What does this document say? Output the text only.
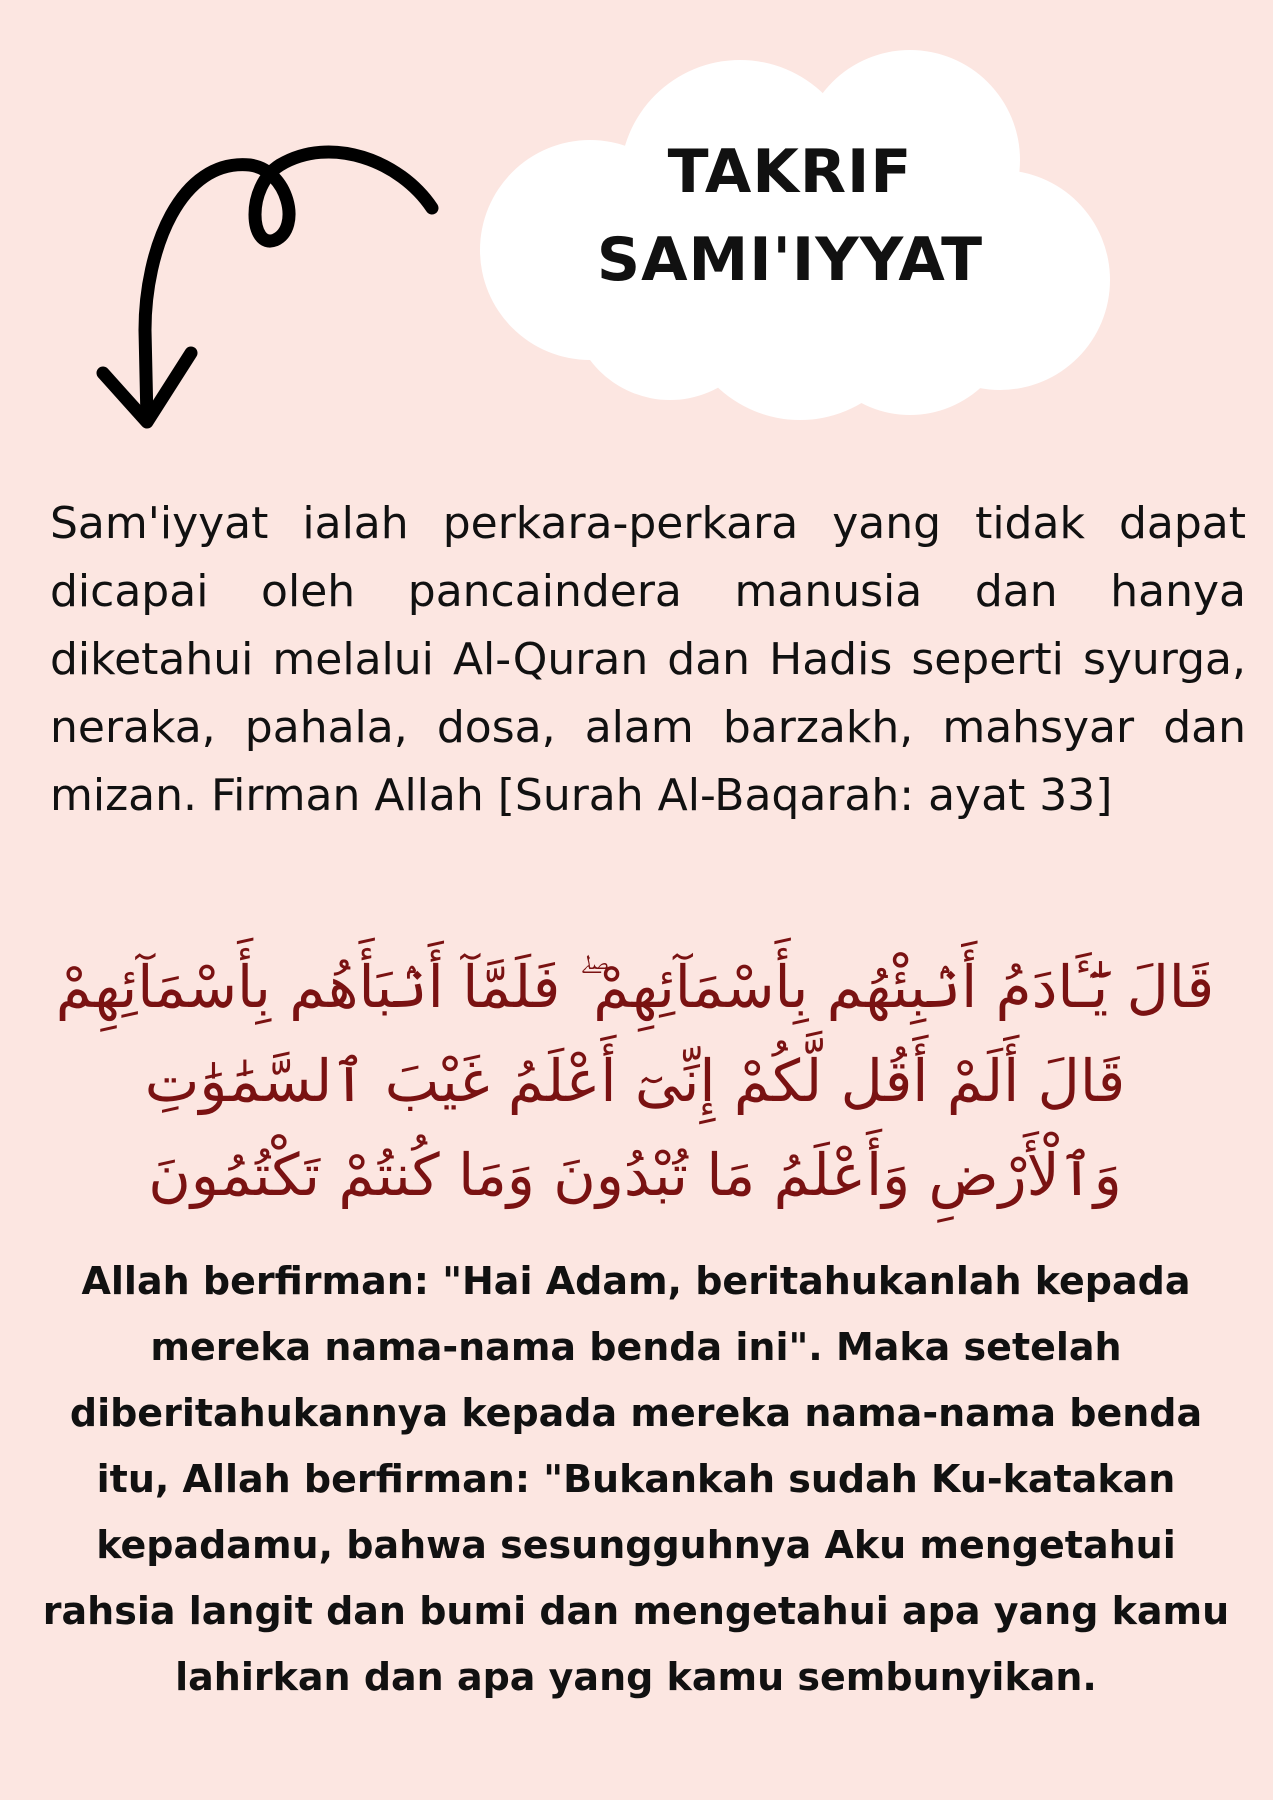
TAKRIF
SAMI'IYYAT
Sam'iyyat ialah perkara-perkara yang tidak dapat dicapai oleh pancaindera manusia dan hanya diketahui melalui Al-Quran dan Hadis seperti syurga, neraka, pahala, dosa, alam barzakh, mahsyar dan mizan. Firman Allah [Surah Al-Baqarah: ayat 33]
قَالَ يَٰٓـَٔادَمُ أَنۢبِئْهُم بِأَسْمَآئِهِمْ ۖ فَلَمَّآ أَنۢبَأَهُم بِأَسْمَآئِهِمْ قَالَ أَلَمْ أَقُل لَّكُمْ إِنِّىٓ أَعْلَمُ غَيْبَ ٱلسَّمَٰوَٰتِ وَٱلْأَرْضِ وَأَعْلَمُ مَا تُبْدُونَ وَمَا كُنتُمْ تَكْتُمُونَ
Allah berfirman: "Hai Adam, beritahukanlah kepada mereka nama-nama benda ini". Maka setelah diberitahukannya kepada mereka nama-nama benda itu, Allah berfirman: "Bukankah sudah Ku-katakan kepadamu, bahwa sesungguhnya Aku mengetahui rahsia langit dan bumi dan mengetahui apa yang kamu lahirkan dan apa yang kamu sembunyikan.
